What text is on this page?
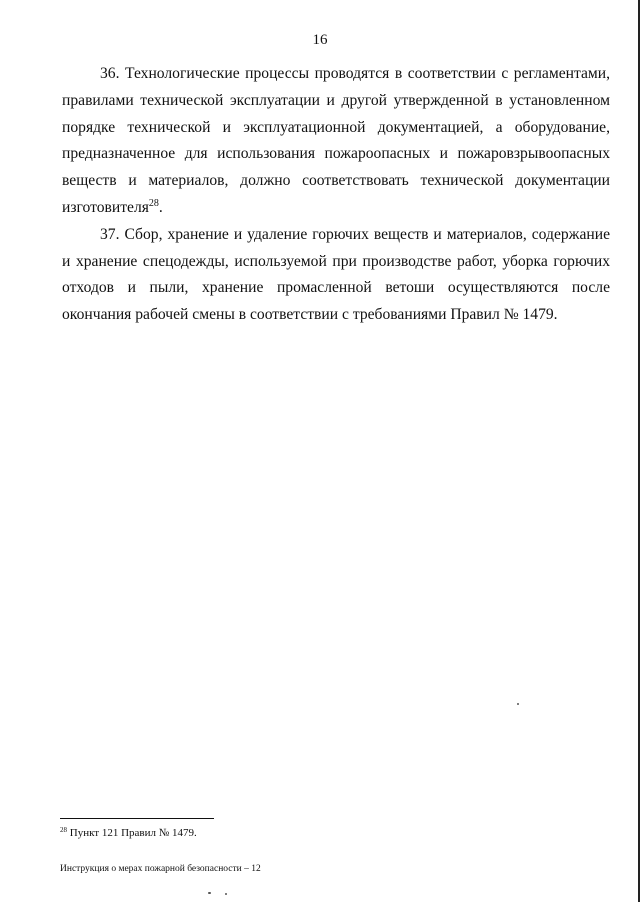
16

36. Технологические процессы проводятся в соответствии с регламентами, правилами технической эксплуатации и другой утвержденной в установленном порядке технической и эксплуатационной документацией, а оборудование, предназначенное для использования пожароопасных и пожаровзрывоопасных веществ и материалов, должно соответствовать технической документации изготовителя$^{28}$.

37. Сбор, хранение и удаление горючих веществ и материалов, содержание и хранение спецодежды, используемой при производстве работ, уборка горючих отходов и пыли, хранение промасленной ветоши осуществляются после окончания рабочей смены в соответствии с требованиями Правил № 1479.

$^{28}$ Пункт 121 Правил № 1479.
Инструкция о мерах пожарной безопасности – 12
